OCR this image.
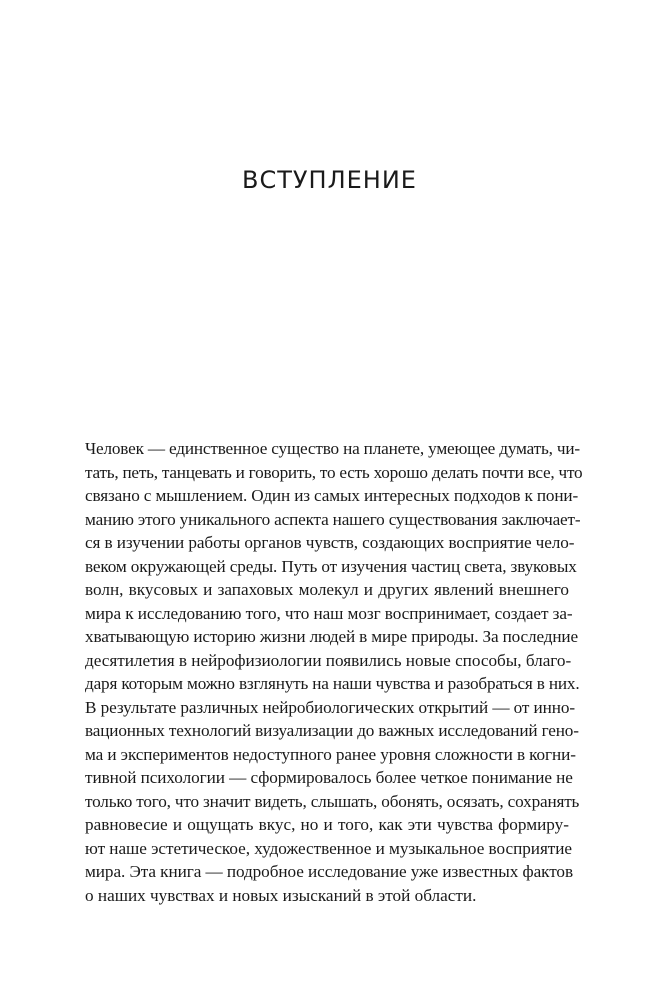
ВСТУПЛЕНИЕ
Человек — единственное существо на планете, умеющее думать, чи-
тать, петь, танцевать и говорить, то есть хорошо делать почти все, что
связано с мышлением. Один из самых интересных подходов к пони-
манию этого уникального аспекта нашего существования заключает-
ся в изучении работы органов чувств, создающих восприятие чело-
веком окружающей среды. Путь от изучения частиц света, звуковых
волн, вкусовых и запаховых молекул и других явлений внешнего
мира к исследованию того, что наш мозг воспринимает, создает за-
хватывающую историю жизни людей в мире природы. За последние
десятилетия в нейрофизиологии появились новые способы, благо-
даря которым можно взглянуть на наши чувства и разобраться в них.
В результате различных нейробиологических открытий — от инно-
вационных технологий визуализации до важных исследований гено-
ма и экспериментов недоступного ранее уровня сложности в когни-
тивной психологии — сформировалось более четкое понимание не
только того, что значит видеть, слышать, обонять, осязать, сохранять
равновесие и ощущать вкус, но и того, как эти чувства формиру-
ют наше эстетическое, художественное и музыкальное восприятие
мира. Эта книга — подробное исследование уже известных фактов
о наших чувствах и новых изысканий в этой области.
